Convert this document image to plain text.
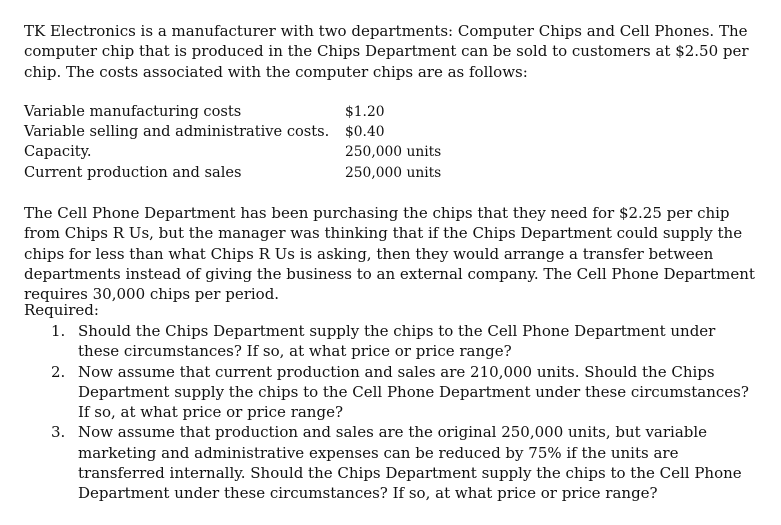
TK Electronics is a manufacturer with two departments: Computer Chips and Cell Phones. The computer chip that is produced in the Chips Department can be sold to customers at $2.50 per chip. The costs associated with the computer chips are as follows:

Variable manufacturing costs	$1.20
Variable selling and administrative costs. $0.40
Capacity.	250,000 units
Current production and sales	250,000 units

The Cell Phone Department has been purchasing the chips that they need for $2.25 per chip from Chips R Us, but the manager was thinking that if the Chips Department could supply the chips for less than what Chips R Us is asking, then they would arrange a transfer between departments instead of giving the business to an external company. The Cell Phone Department requires 30,000 chips per period.

Required:

1. Should the Chips Department supply the chips to the Cell Phone Department under these circumstances? If so, at what price or price range?
2. Now assume that current production and sales are 210,000 units. Should the Chips Department supply the chips to the Cell Phone Department under these circumstances? If so, at what price or price range?
3. Now assume that production and sales are the original 250,000 units, but variable marketing and administrative expenses can be reduced by 75% if the units are transferred internally. Should the Chips Department supply the chips to the Cell Phone Department under these circumstances? If so, at what price or price range?
